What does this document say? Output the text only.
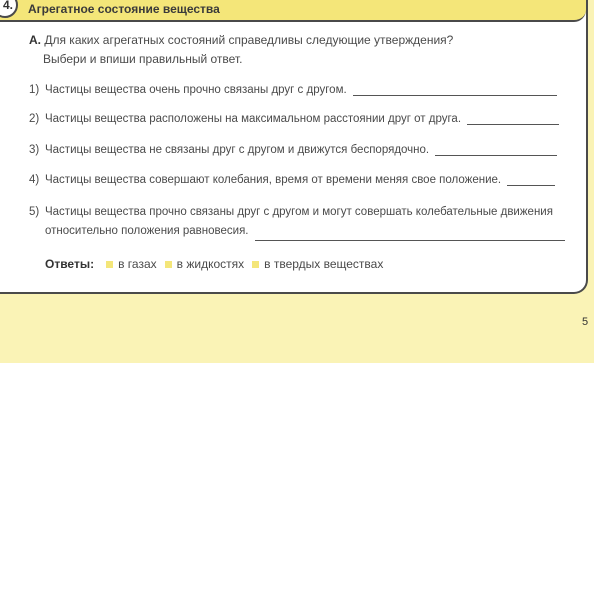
4.	Агрегатное состояние вещества
А. Для каких агрегатных состояний справедливы следующие утверждения?
Выбери и впиши правильный ответ.
1) Частицы вещества очень прочно связаны друг с другом.
2) Частицы вещества расположены на максимальном расстоянии друг от друга.
3) Частицы вещества не связаны друг с другом и движутся беспорядочно.
4) Частицы вещества совершают колебания, время от времени меняя свое положение.
5) Частицы вещества прочно связаны друг с другом и могут совершать колебательные движения
относительно положения равновесия.
Ответы: в газах в жидкостях в твердых веществах
5
